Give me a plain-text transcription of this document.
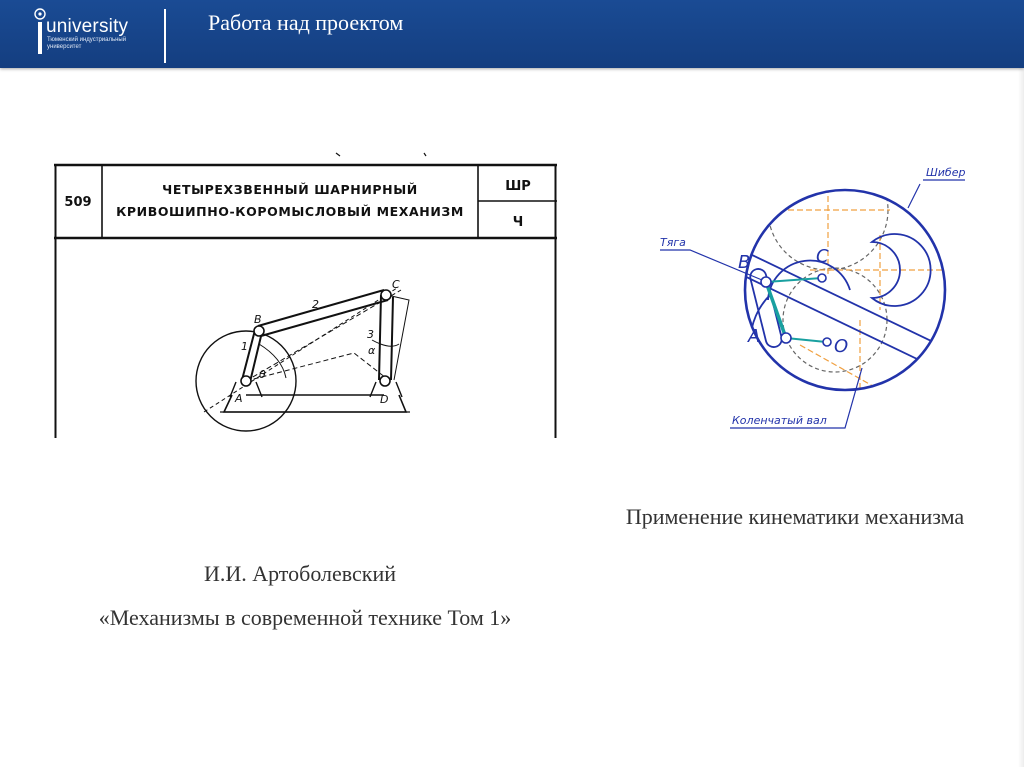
university
Тюменский индустриальный университет
Работа над проектом
509
ЧЕТЫРЕХЗВЕННЫЙ ШАРНИРНЫЙ
КРИВОШИПНО-КОРОМЫСЛОВЫЙ МЕХАНИЗМ
ШР
Ч
B
C
A	D
1
2
3
θ
α
Тяга
Шибер
Коленчатый вал
B	C
A	O
Применение кинематики механизма
И.И. Артоболевский
«Механизмы в современной технике Том 1»
